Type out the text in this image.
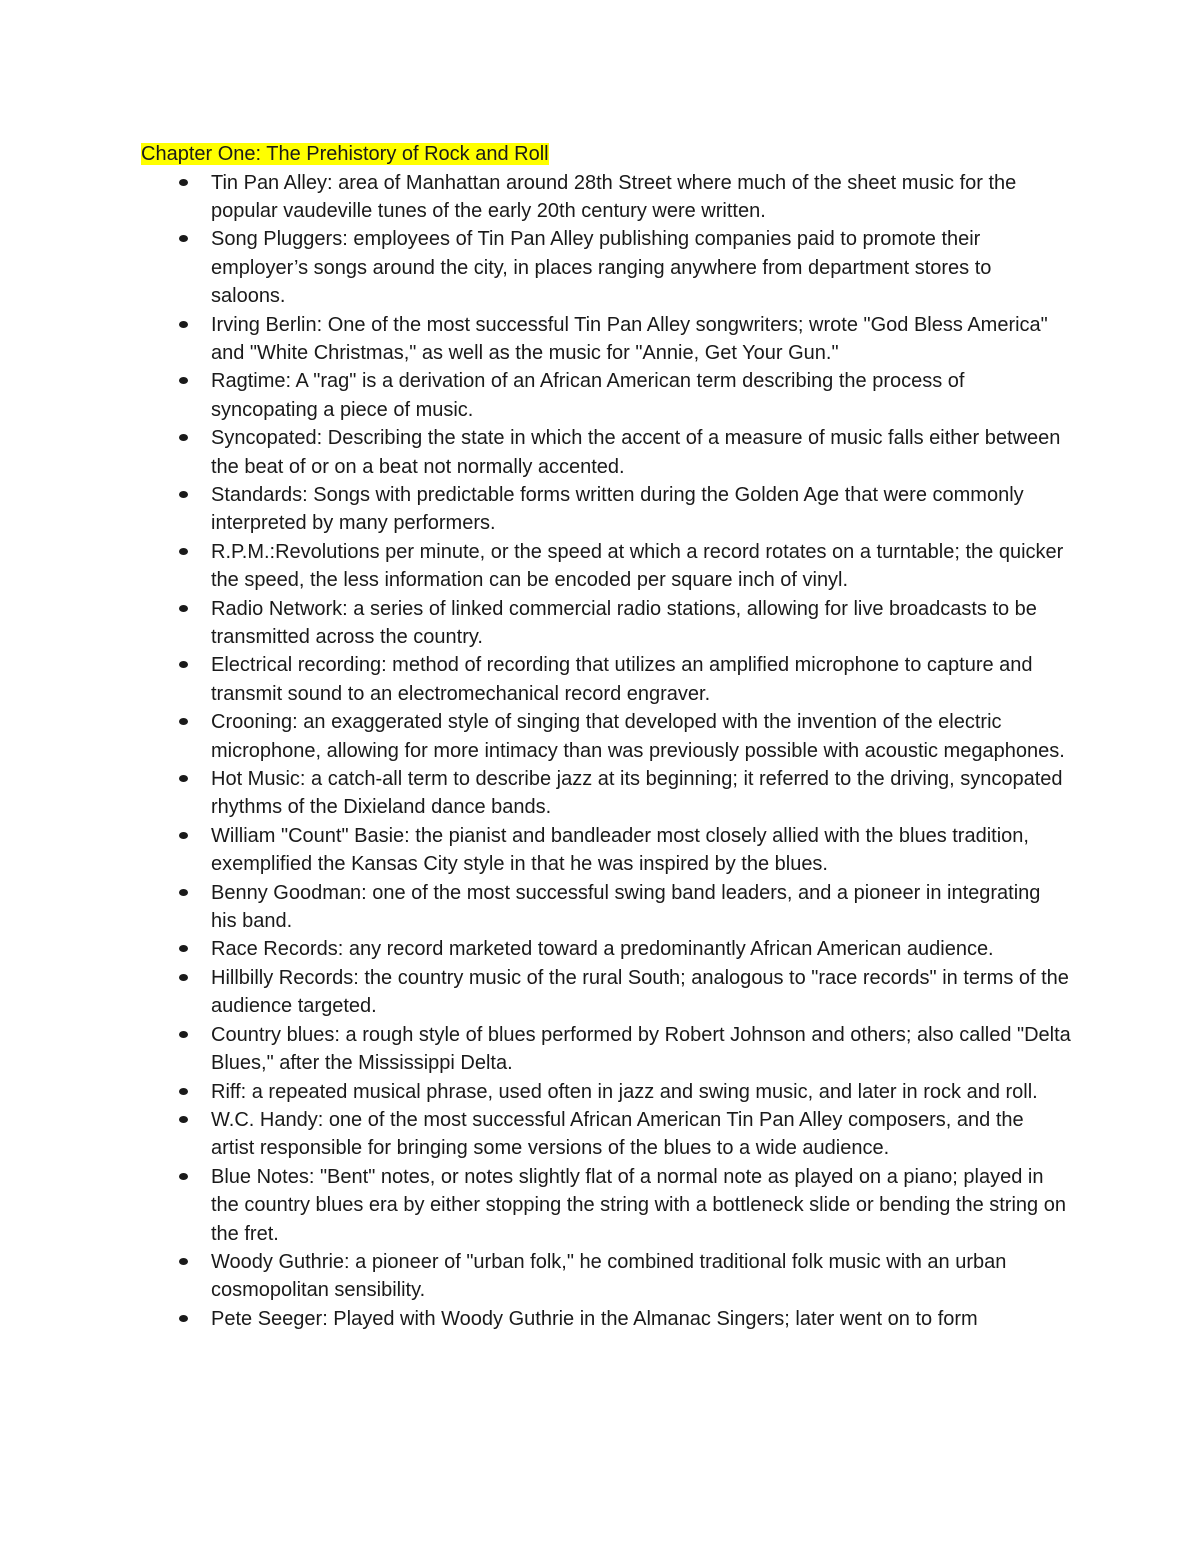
Chapter One: The Prehistory of Rock and Roll
Tin Pan Alley: area of Manhattan around 28th Street where much of the sheet music for the popular vaudeville tunes of the early 20th century were written.
Song Pluggers: employees of Tin Pan Alley publishing companies paid to promote their employer’s songs around the city, in places ranging anywhere from department stores to saloons.
Irving Berlin: One of the most successful Tin Pan Alley songwriters; wrote "God Bless America" and "White Christmas," as well as the music for "Annie, Get Your Gun."
Ragtime: A "rag" is a derivation of an African American term describing the process of syncopating a piece of music.
Syncopated: Describing the state in which the accent of a measure of music falls either between the beat of or on a beat not normally accented.
Standards: Songs with predictable forms written during the Golden Age that were commonly interpreted by many performers.
R.P.M.:Revolutions per minute, or the speed at which a record rotates on a turntable; the quicker the speed, the less information can be encoded per square inch of vinyl.
Radio Network: a series of linked commercial radio stations, allowing for live broadcasts to be transmitted across the country.
Electrical recording: method of recording that utilizes an amplified microphone to capture and transmit sound to an electromechanical record engraver.
Crooning: an exaggerated style of singing that developed with the invention of the electric microphone, allowing for more intimacy than was previously possible with acoustic megaphones.
Hot Music: a catch-all term to describe jazz at its beginning; it referred to the driving, syncopated rhythms of the Dixieland dance bands.
William "Count" Basie: the pianist and bandleader most closely allied with the blues tradition, exemplified the Kansas City style in that he was inspired by the blues.
Benny Goodman: one of the most successful swing band leaders, and a pioneer in integrating his band.
Race Records: any record marketed toward a predominantly African American audience.
Hillbilly Records: the country music of the rural South; analogous to "race records" in terms of the audience targeted.
Country blues: a rough style of blues performed by Robert Johnson and others; also called "Delta Blues," after the Mississippi Delta.
Riff: a repeated musical phrase, used often in jazz and swing music, and later in rock and roll.
W.C. Handy: one of the most successful African American Tin Pan Alley composers, and the artist responsible for bringing some versions of the blues to a wide audience.
Blue Notes: "Bent" notes, or notes slightly flat of a normal note as played on a piano; played in the country blues era by either stopping the string with a bottleneck slide or bending the string on the fret.
Woody Guthrie: a pioneer of "urban folk," he combined traditional folk music with an urban cosmopolitan sensibility.
Pete Seeger: Played with Woody Guthrie in the Almanac Singers; later went on to form
